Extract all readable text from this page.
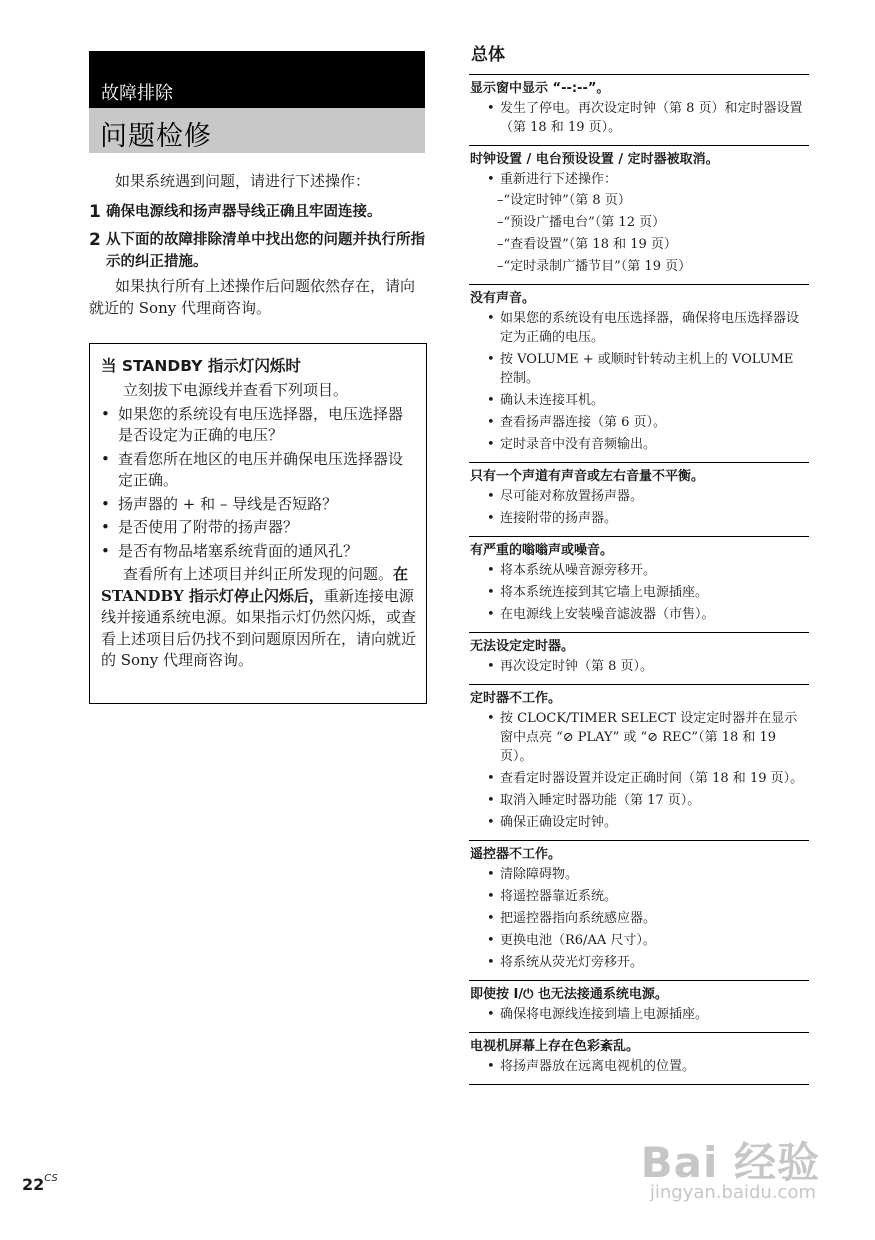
故障排除
问题检修
如果系统遇到问题，请进行下述操作：
1 确保电源线和扬声器导线正确且牢固连接。
2 从下面的故障排除清单中找出您的问题并执行所指示的纠正措施。
如果执行所有上述操作后问题依然存在，请向就近的 Sony 代理商咨询。
当 STANDBY 指示灯闪烁时

立刻拔下电源线并查看下列项目。

• 如果您的系统设有电压选择器，电压选择器是否设定为正确的电压？
• 查看您所在地区的电压并确保电压选择器设定正确。
• 扬声器的 + 和 – 导线是否短路？
• 是否使用了附带的扬声器？
• 是否有物品堵塞系统背面的通风孔？

查看所有上述项目并纠正所发现的问题。在 STANDBY 指示灯停止闪烁后，重新连接电源线并接通系统电源。如果指示灯仍然闪烁，或查看上述项目后仍找不到问题原因所在，请向就近的 Sony 代理商咨询。

$22^{CS}$
总体
显示窗中显示 “--:--”。
• 发生了停电。再次设定时钟（第 8 页）和定时器设置（第 18 和 19 页）。
时钟设置 / 电台预设设置 / 定时器被取消。
• 重新进行下述操作：
–“设定时钟”（第 8 页）
–“预设广播电台”（第 12 页）
–“查看设置”（第 18 和 19 页）
–“定时录制广播节目”（第 19 页）
没有声音。
• 如果您的系统设有电压选择器，确保将电压选择器设定为正确的电压。
• 按 VOLUME + 或顺时针转动主机上的 VOLUME 控制。
• 确认未连接耳机。
• 查看扬声器连接（第 6 页）。
• 定时录音中没有音频输出。
只有一个声道有声音或左右音量不平衡。
• 尽可能对称放置扬声器。
• 连接附带的扬声器。
有严重的嗡嗡声或噪音。
• 将本系统从噪音源旁移开。
• 将本系统连接到其它墙上电源插座。
• 在电源线上安装噪音滤波器（市售）。
无法设定定时器。
• 再次设定时钟（第 8 页）。
定时器不工作。
• 按 CLOCK/TIMER SELECT 设定定时器并在显示窗中点亮 “⊘ PLAY” 或 “⊘ REC”（第 18 和 19 页）。
• 查看定时器设置并设定正确时间（第 18 和 19 页）。
• 取消入睡定时器功能（第 17 页）。
• 确保正确设定时钟。
遥控器不工作。
• 清除障碍物。
• 将遥控器靠近系统。
• 把遥控器指向系统感应器。
• 更换电池（R6/AA 尺寸）。
• 将系统从荧光灯旁移开。
即使按 I/⏻ 也无法接通系统电源。
• 确保将电源线连接到墙上电源插座。
电视机屏幕上存在色彩紊乱。
• 将扬声器放在远离电视机的位置。
Bai 经验
jingyan.baidu.com
